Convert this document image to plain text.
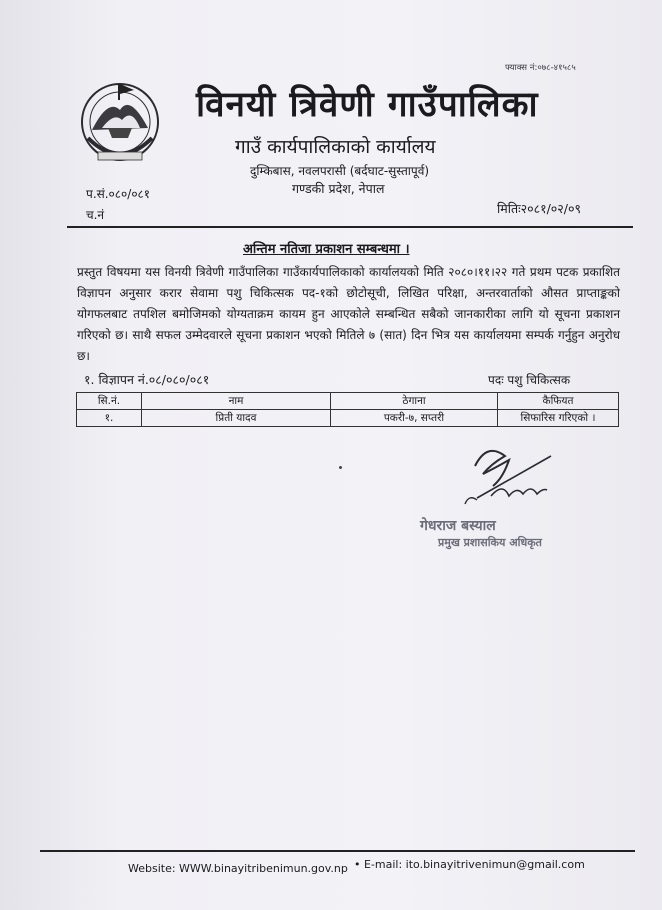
फ्याक्स नं:०७८-४१५८५
विनयी त्रिवेणी गाउँपालिका
गाउँ कार्यपालिकाको कार्यालय
दुम्किबास, नवलपरासी (बर्दघाट-सुस्तापूर्व)
गण्डकी प्रदेश, नेपाल
प.सं.०८०/०८१
च.नं	मितिः२०८१/०२/०९
अन्तिम नतिजा प्रकाशन सम्बन्धमा ।
प्रस्तुत विषयमा यस विनयी त्रिवेणी गाउँपालिका गाउँकार्यपालिकाको कार्यालयको मिति २०८०।११।२२ गते प्रथम पटक प्रकाशित विज्ञापन अनुसार करार सेवामा पशु चिकित्सक पद-१को छोटोसूची, लिखित परिक्षा, अन्तरवार्ताको औसत प्राप्ताङ्कको योगफलबाट तपशिल बमोजिमको योग्यताक्रम कायम हुन आएकोले सम्बन्धित सबैको जानकारीका लागि यो सूचना प्रकाशन गरिएको छ। साथै सफल उम्मेदवारले सूचना प्रकाशन भएको मितिले ७ (सात) दिन भित्र यस कार्यालयमा सम्पर्क गर्नुहुन अनुरोध छ।
१. विज्ञापन नं.०८/०८०/०८१	पदः पशु चिकित्सक
सि.नं.	नाम	ठेगाना	कैफियत
१.	प्रिती यादव	पकरी-७, सप्तरी	सिफारिस गरिएको ।
गेधराज बस्याल
प्रमुख प्रशासकिय अधिकृत
Website: WWW.binayitribenimun.gov.np • E-mail: ito.binayitrivenimun@gmail.com
